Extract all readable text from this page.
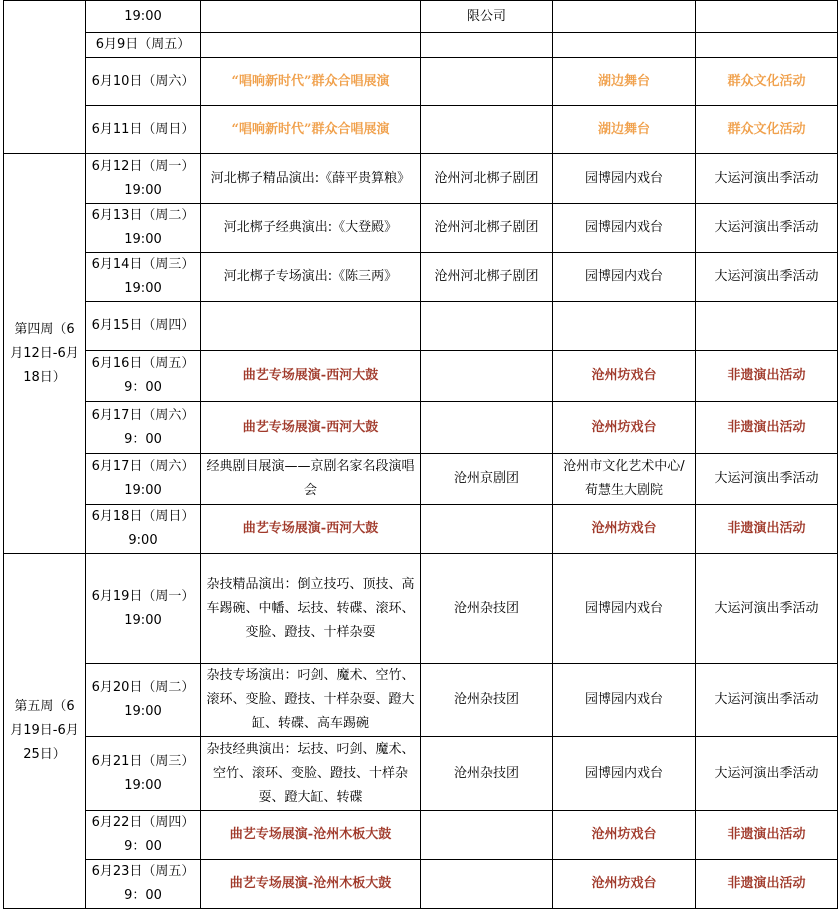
	19:00		限公司		
	6月9日（周五）				
	6月10日（周六）	“唱响新时代”群众合唱展演		湖边舞台	群众文化活动
	6月11日（周日）	“唱响新时代”群众合唱展演		湖边舞台	群众文化活动
第四周（6月12日-6月18日）	6月12日（周一）19:00	河北梆子精品演出:《薛平贵算粮》	沧州河北梆子剧团	园博园内戏台	大运河演出季活动
	6月13日（周二）19:00	河北梆子经典演出:《大登殿》	沧州河北梆子剧团	园博园内戏台	大运河演出季活动
	6月14日（周三）19:00	河北梆子专场演出:《陈三两》	沧州河北梆子剧团	园博园内戏台	大运河演出季活动
	6月15日（周四）				
	6月16日（周五）9：00	曲艺专场展演-西河大鼓		沧州坊戏台	非遗演出活动
	6月17日（周六）9：00	曲艺专场展演-西河大鼓		沧州坊戏台	非遗演出活动
	6月17日（周六）19:00	经典剧目展演——京剧名家名段演唱会	沧州京剧团	沧州市文化艺术中心/荀慧生大剧院	大运河演出季活动
	6月18日（周日）9:00	曲艺专场展演-西河大鼓		沧州坊戏台	非遗演出活动
第五周（6月19日-6月25日）	6月19日（周一）19:00	杂技精品演出：倒立技巧、顶技、高车踢碗、中幡、坛技、转碟、滚环、变脸、蹬技、十样杂耍	沧州杂技团	园博园内戏台	大运河演出季活动
	6月20日（周二）19:00	杂技专场演出：叼剑、魔术、空竹、滚环、变脸、蹬技、十样杂耍、蹬大缸、转碟、高车踢碗	沧州杂技团	园博园内戏台	大运河演出季活动
	6月21日（周三）19:00	杂技经典演出：坛技、叼剑、魔术、空竹、滚环、变脸、蹬技、十样杂耍、蹬大缸、转碟	沧州杂技团	园博园内戏台	大运河演出季活动
	6月22日（周四）9：00	曲艺专场展演-沧州木板大鼓		沧州坊戏台	非遗演出活动
	6月23日（周五）9：00	曲艺专场展演-沧州木板大鼓		沧州坊戏台	非遗演出活动
